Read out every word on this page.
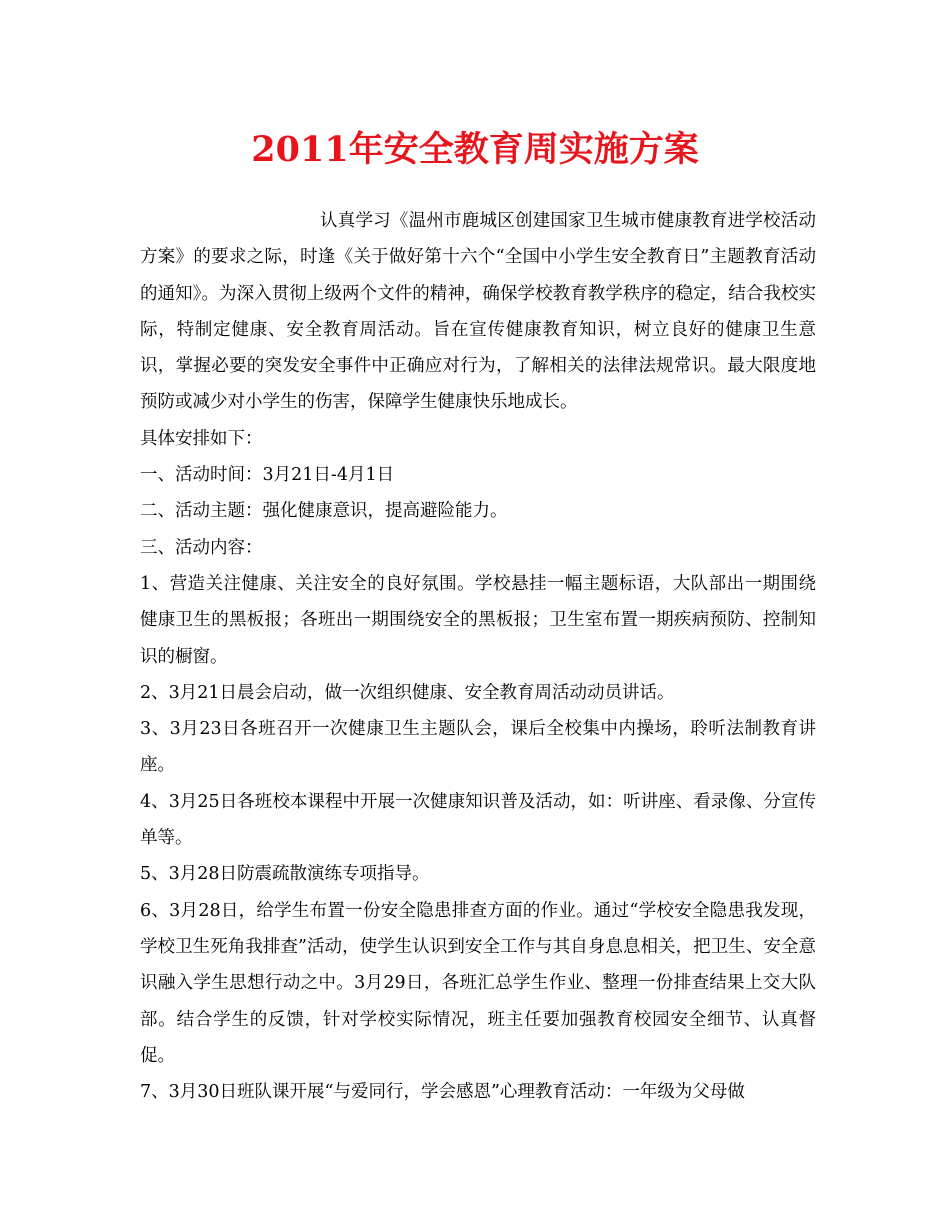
2011年安全教育周实施方案

认真学习《温州市鹿城区创建国家卫生城市健康教育进学校活动方案》的要求之际，时逢《关于做好第十六个“全国中小学生安全教育日”主题教育活动的通知》。为深入贯彻上级两个文件的精神，确保学校教育教学秩序的稳定，结合我校实际，特制定健康、安全教育周活动。旨在宣传健康教育知识，树立良好的健康卫生意识，掌握必要的突发安全事件中正确应对行为，了解相关的法律法规常识。最大限度地预防或减少对小学生的伤害，保障学生健康快乐地成长。

具体安排如下：

一、活动时间：3月21日-4月1日

二、活动主题：强化健康意识，提高避险能力。

三、活动内容：

1、营造关注健康、关注安全的良好氛围。学校悬挂一幅主题标语，大队部出一期围绕健康卫生的黑板报；各班出一期围绕安全的黑板报；卫生室布置一期疾病预防、控制知识的橱窗。

2、3月21日晨会启动，做一次组织健康、安全教育周活动动员讲话。

3、3月23日各班召开一次健康卫生主题队会，课后全校集中内操场，聆听法制教育讲座。

4、3月25日各班校本课程中开展一次健康知识普及活动，如：听讲座、看录像、分宣传单等。

5、3月28日防震疏散演练专项指导。

6、3月28日，给学生布置一份安全隐患排查方面的作业。通过“学校安全隐患我发现，学校卫生死角我排查”活动，使学生认识到安全工作与其自身息息相关，把卫生、安全意识融入学生思想行动之中。3月29日，各班汇总学生作业、整理一份排查结果上交大队部。结合学生的反馈，针对学校实际情况，班主任要加强教育校园安全细节、认真督促。

7、3月30日班队课开展“与爱同行，学会感恩”心理教育活动：一年级为父母做
